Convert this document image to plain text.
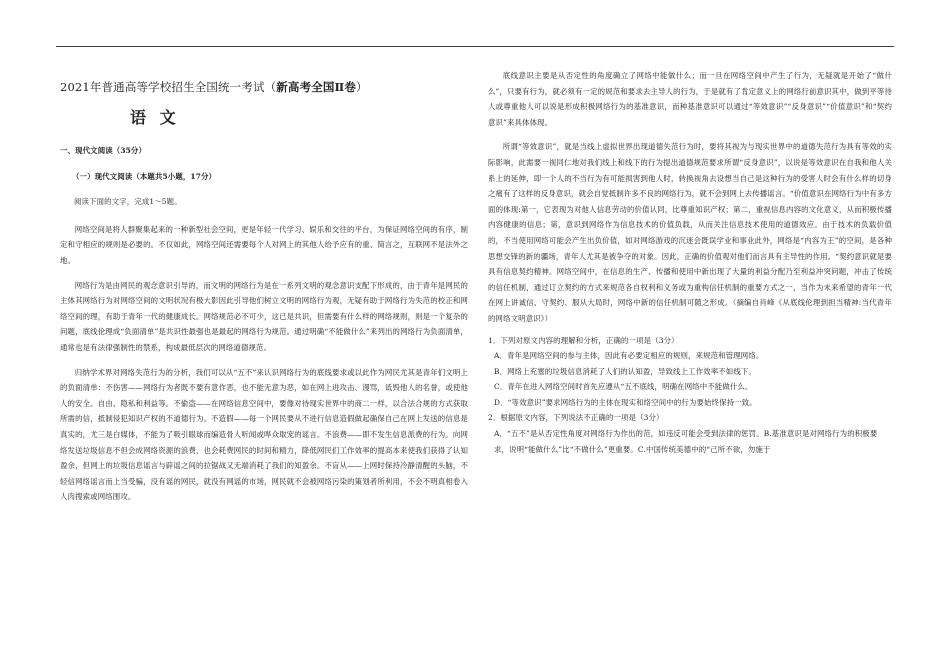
2021年普通高等学校招生全国统一考试（新高考全国Ⅱ卷）
语 文
一、现代文阅读（35分）
（一）现代文阅读（本题共5小题，17分）
阅读下面的文字，完成1～5题。

网络空间是将人群聚集起来的一种新型社会空间，更是年轻一代学习、娱乐和交往的平台，为保证网络空间的有序，制定和守相应的规则是必要的。不仅如此，网络空间还需要每个人对网上的其他人给予应有的重、简言之，互联网不是法外之地。

网络行为是由网民的观念意识引导的，而文明的网络行为是在一系列文明的观念意识支配下形成的，由于青年是网民的主体其网络行为对网络空间的文明状况有极大影因此引导他们树立文明的网络行为观，无疑有助于网络行为失范的校正和网络空间的理，有助于青年一代的健康成长。网络规范必不可少，这已是共识，但需要有什么样的网络规则，则是一个复杂的问题，底线伦理成“负面清单”是共识性最强也是最起的网络行为规范。通过明确“不能做什么”来列出的网络行为负面清单，通常也是有法律强制性的禁系，构成最低层次的网络道德规范。

归纳学术界对网络失范行为的分析，我们可以从“五不”来认识网络行为的底线要求或以此作为网民尤其是青年们文明上的负面清单：不伤害——网络行为者既不要有意作恶，也不能无意为恶，如在网上进攻击、谩骂，诋毁他人的名誉，或使他人的安全。自由、隐私和利益等。不偷盗——在网络信息空间中，要像对待现实世界中的商二一样，以合法合规的方式获取所需的信，抵制侵犯知识产权的不道德行为。不造假——每一个网民要从不进行信息造假做起确保自己在网上发送的信息是真实的，尤三是白媒体，不能为了吸引眼球而编造骨人听闻或哗众取宠的谣言。不浪费——即不发生信息派费的行为。向网络发送垃圾信息不但会成网络资源的浪费，也会耗费网民的时间和精力，降低网民们工作效率的提高本来使我们获得了认知盈余，但网上的垃圾信息谣言与辟谣之间的拉锯战又无端消耗了我们的知盈余。不盲从——上网时保持冷静清醒的头脑，不轻信网络谣言而上当受骗，没有谣的网民，就没有网谣的市场，网民就不会被网络污染的策划者所利用，不会不明真相卷入人肉搜索或网络围攻。

底线意识主要是从否定性的角度确立了网络中能做什么；而一旦在网络空间中产生了行为，无疑就是开始了“做什么”，只要有行为，就必须有一定的规范和要求去主导人的行为，于是就有了肯定意义上的网络行前意识其中，做到平等待人或尊重他人可以说是形成积极网络行为的基准意识，而种基准意识可以通过“等效意识”“反身意识”“价值意识”和“契约意识”来具体体现。

所谓“等效意识”，就是当线上虚拟世界出现道德失范行为时，要将其视为与现实世界中的道德失范行为具有等效的实际影响，此需要一视同仁地对我们线上和线下的行为提出道德规范要求所谓“反身意识”，以说是等效意识在自我和他人关系上的延伸，即一个人的不当行为有可能损害到他人时，转换视角去设想当自己是这种行为的受害人时会有什么样的切身之痛有了这样的反身意识，就会自觉抵制许多不良的网络行为，就不会到网上去传播谣言。“价值意识在网络行为中有多方面的体现:第一，它表现为对他人信息劳动的价值认同，比尊重知识产权；第二，重视信息内容的文化意义，从而积极传播内容健康的信息；第，意识到网络作为信息技术的价值负载，从而关注信息技术使用的道德效应。由于技术的负载价值的，不当使用网络可能会产生出负价值，如对网络游戏的沉迷会既误学业和事业此外，网络是“内容为王”的空间，是各种思想交锋的新的疆场，青年人尤其是被争夺的对象。因此，正确的价值观对他们而言具有主导性的作用。“契约意识就是要具有信息契约精神。网络空间中，在信息的生产、传播和使用中新出现了大量的利益分配乃至利益冲突问题，冲击了传统的信任机制，通过订立契约的方式来规范各自权利和义务或为重构信任机制的重要方式之一，当作为未来希望的青年一代在网上讲诚信、守契约、服从大局时，网络中新的信任机制可随之形成。（摘编自肖峰《从底线伦理到担当精神:当代青年的网络文明意识》）

1．下列对原文内容的理解和分析，正确的一项是（3分）
A．青年是网络空间的参与主体，因此有必要定相应的规则，来规范和管理网络。
B．网络上充塞的垃圾信息消耗了人们的认知盈，导致线上工作效率不如线下。
C．青年在进入网络空间时首先应遵从“五不底线，明确在网络中不能做什么。
D．“等效意识”要求网络行为的主体在现实和络空间中的行为要始终保持一致。
2．根据原文内容，下列说法不正确的一项是（3分）
A．“五不”是从否定性角度对网络行为作出的范，如违反可能会受到法律的惩罚。B.基准意识是对网络行为的积极要求，说明“能做什么”比“不做什么”更重要。C.中国传统美德中的“己所不欲，勿施于
